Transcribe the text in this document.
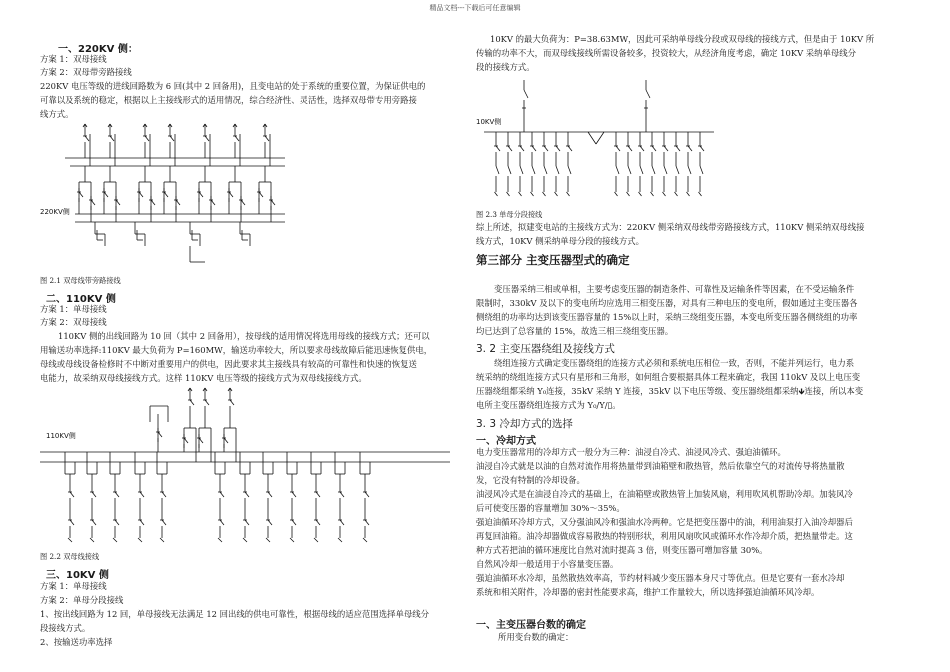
精品文档---下载后可任意编辑
一、220KV 侧：
方案 1：双母接线
方案 2：双母带旁路接线
220KV 电压等级的进线回路数为 6 回(其中 2 回备用)，且变电站的处于系统的重要位置，为保证供电的
可靠以及系统的稳定，根据以上主接线形式的适用情况，综合经济性、灵活性，选择双母带专用旁路接
线方式。
220KV侧
图 2.1 双母线带旁路接线
二、110KV 侧
方案 1：单母接线
方案 2：双母接线
110KV 侧的出线回路为 10 回（其中 2 回备用），按母线的适用情况将选用母线的接线方式；还可以
用输送功率选择:110KV 最大负荷为 P=160MW，输送功率较大，所以要求母线故障后能迅速恢复供电，
母线或母线设备检修时不中断对重要用户的供电，因此要求其主接线具有较高的可靠性和快速的恢复送
电能力，故采纳双母线接线方式。这样 110KV 电压等级的接线方式为双母线接线方式。
110KV侧
图 2.2 双母线接线
三、10KV 侧
方案 1：单母接线
方案 2：单母分段接线
1、按出线回路为 12 回，单母接线无法满足 12 回出线的供电可靠性，根据母线的适应范围选择单母线分
段接线方式。
2、按输送功率选择
10KV 的最大负荷为：P=38.63MW，因此可采纳单母线分段或双母线的接线方式，但是由于 10KV 所
传输的功率不大，而双母线接线所需设备较多，投资较大，从经济角度考虑，确定 10KV 采纳单母线分
段的接线方式。
10KV侧
图 2.3 单母分段接线
综上所述，拟建变电站的主接线方式为：220KV 侧采纳双母线带旁路接线方式，110KV 侧采纳双母线接
线方式，10KV 侧采纳单母分段的接线方式。
第三部分 主变压器型式的确定
变压器采纳三相或单相，主要考虑变压器的制造条件、可靠性及运输条件等因素，在不受运输条件
限制时，330kV 及以下的变电所均应选用三相变压器，对具有三种电压的变电所，假如通过主变压器各
侧绕组的功率均达到该变压器容量的 15%以上时，采纳三绕组变压器，本变电所变压器各侧绕组的功率
均已达到了总容量的 15%，故选三相三绕组变压器。
3. 2 主变压器绕组及接线方式
绕组连接方式确定变压器绕组的连接方式必须和系统电压相位一致，否则，不能并列运行，电力系
统采纳的绕组连接方式只有星形和三角形，如何组合要根据具体工程来确定，我国 110kV 及以上电压变
压器绕组都采纳 Y₀连接，35kV 采纳 Y 连接，35kV 以下电压等级、变压器绕组都采纳🡻连接，所以本变
电所主变压器绕组连接方式为 Y₀/Y/▯。
3. 3 冷却方式的选择
一、冷却方式
电力变压器常用的冷却方式一般分为三种：油浸自冷式、油浸风冷式、强迫油循环。
油浸自冷式就是以油的自然对流作用将热量带到油箱壁和散热管，然后依靠空气的对流传导将热量散
发，它没有特制的冷却设备。
油浸风冷式是在油浸自冷式的基础上，在油箱壁或散热管上加装风扇，利用吹风机帮助冷却。加装风冷
后可使变压器的容量增加 30%～35%。
强迫油循环冷却方式，又分强油风冷和强油水冷两种。它是把变压器中的油，利用油泵打入油冷却器后
再复回油箱。油冷却器做成容易散热的特别形状，利用风扇吹风或循环水作冷却介质，把热量带走。这
种方式若把油的循环速度比自然对流时提高 3 倍，则变压器可增加容量 30%。
自然风冷却一般适用于小容量变压器。
强迫油循环水冷却，虽然散热效率高，节约材料减少变压器本身尺寸等优点。但是它要有一套水冷却
系统和相关附件，冷却器的密封性能要求高，维护工作量较大，所以选择强迫油循环风冷却。
一、主变压器台数的确定
所用变台数的确定：
